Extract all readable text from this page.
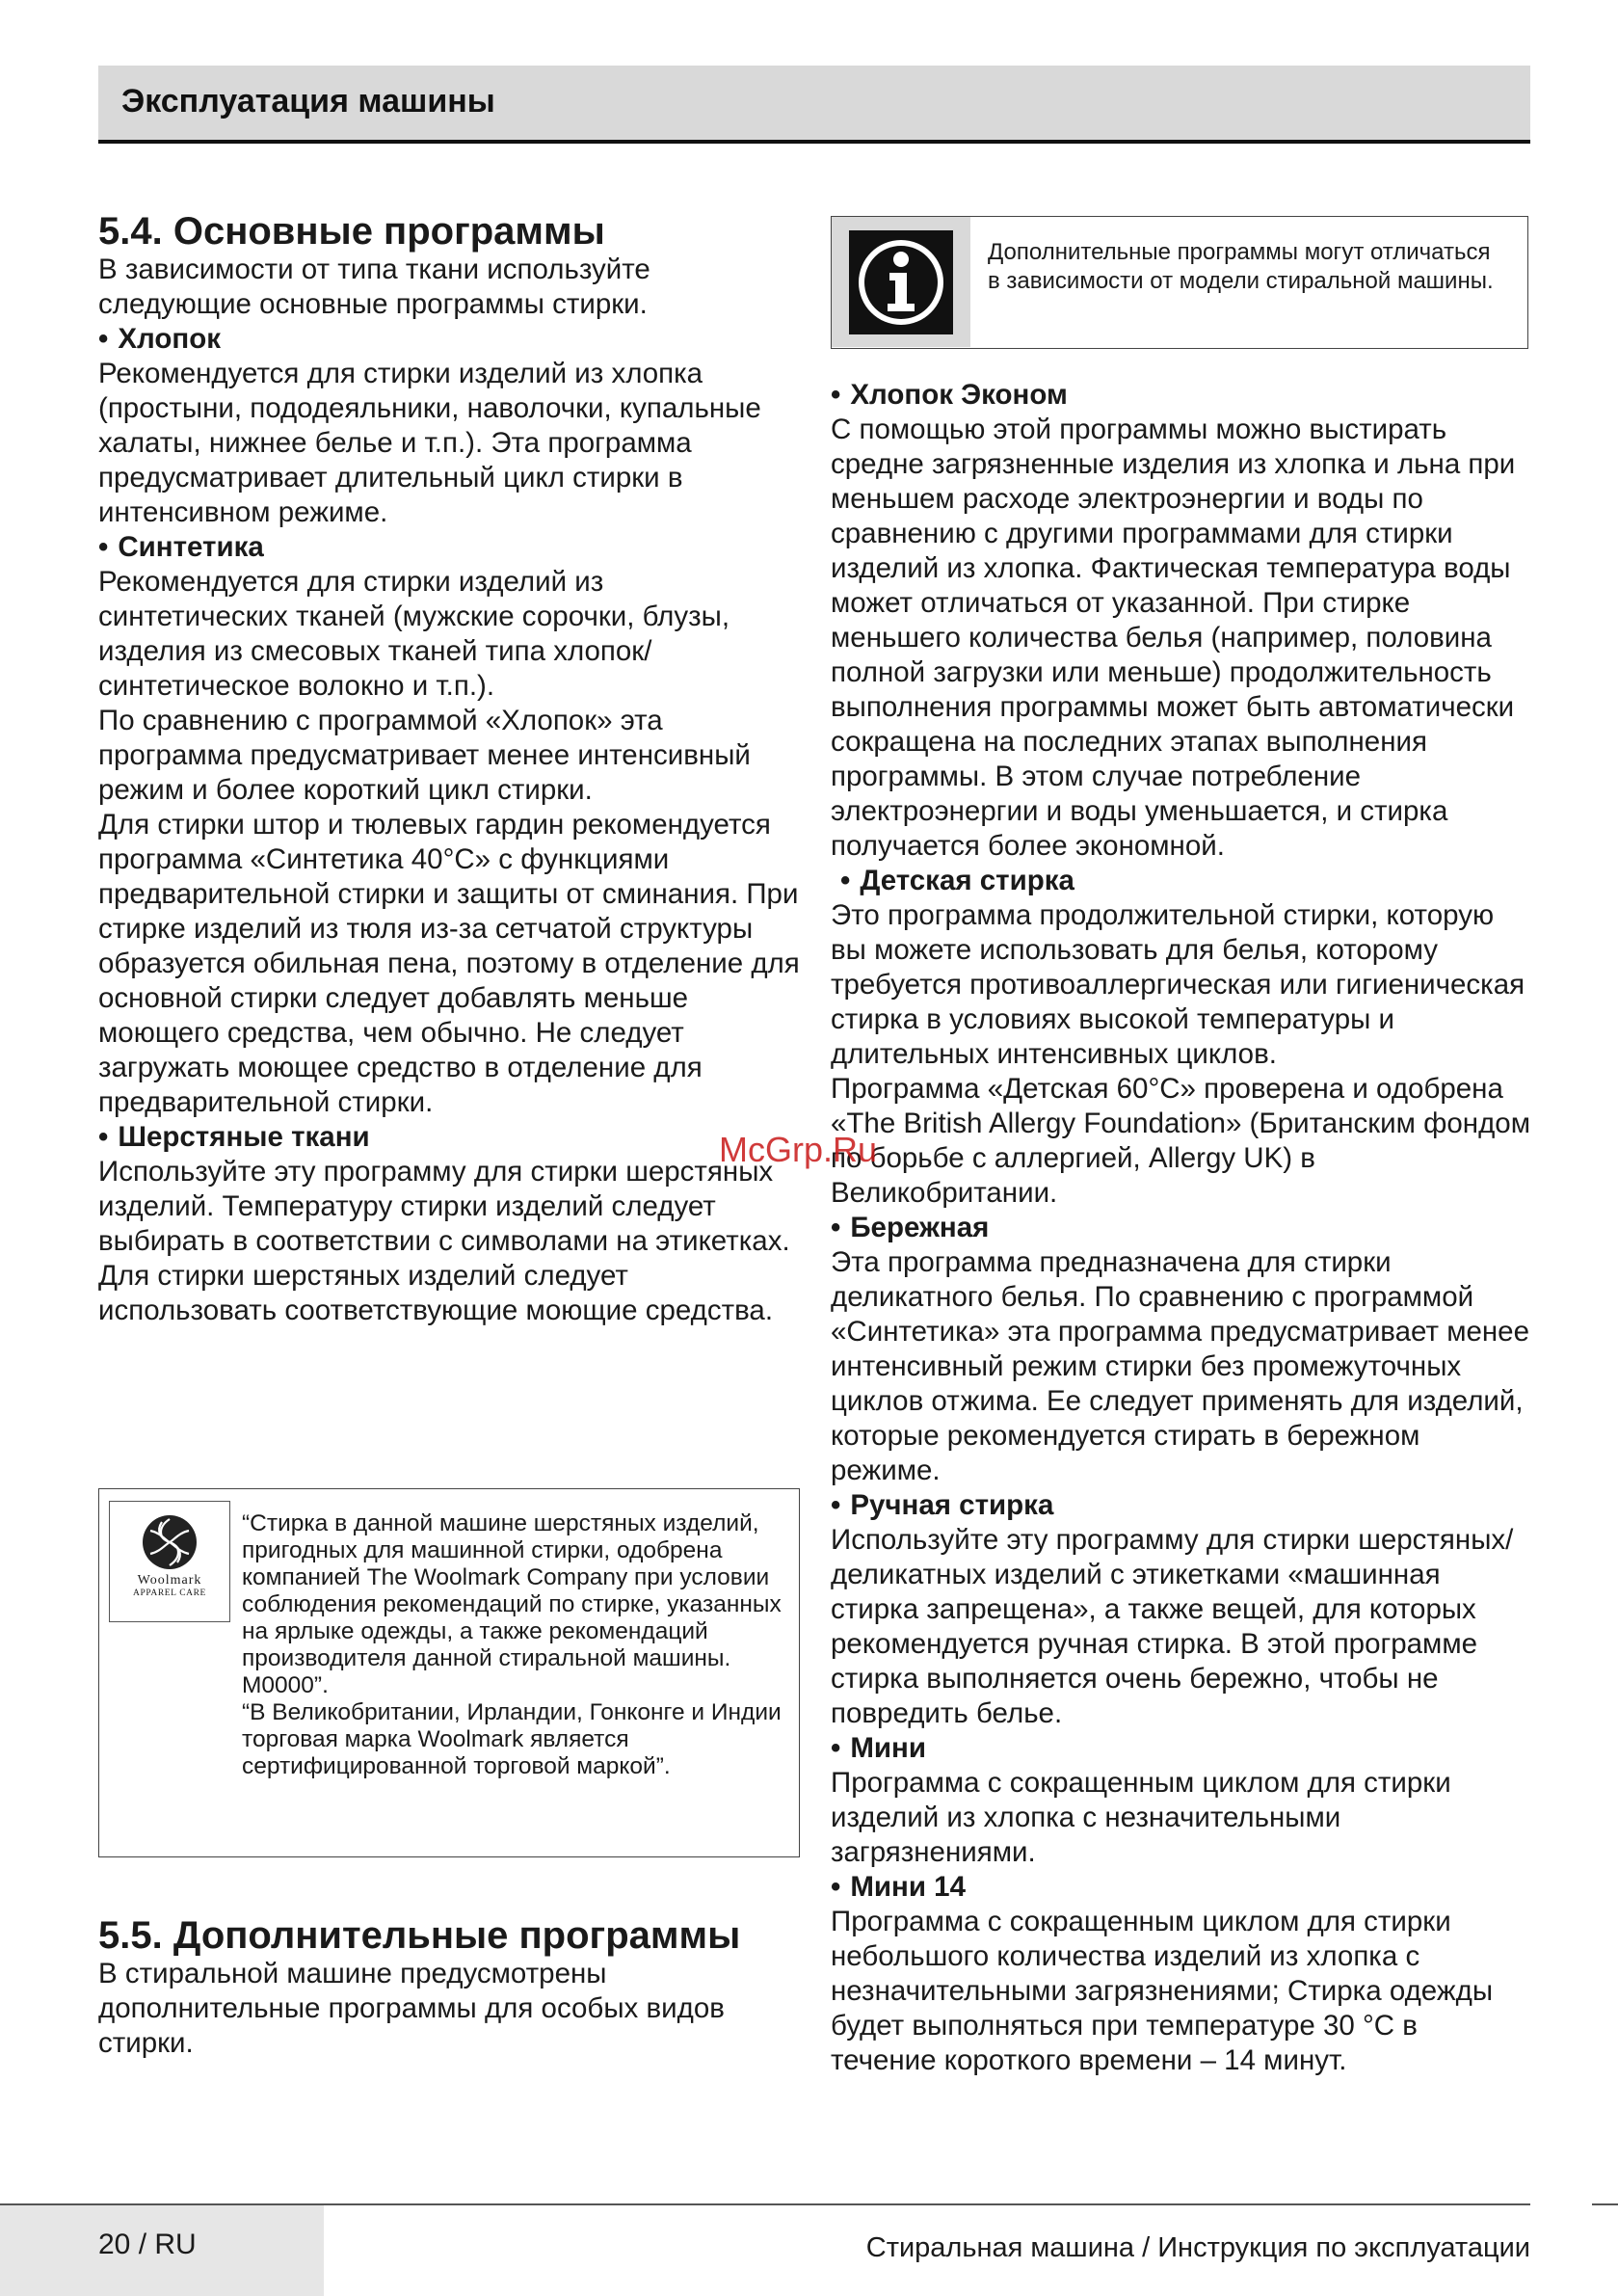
Эксплуатация машины
5.4. Основные программы

В зависимости от типа ткани используйте следующие основные программы стирки.

• Хлопок

Рекомендуется для стирки изделий из хлопка (простыни, пододеяльники, наволочки, купальные халаты, нижнее белье и т.п.). Эта программа предусматривает длительный цикл стирки в интенсивном режиме.

• Синтетика

Рекомендуется для стирки изделий из синтетических тканей (мужские сорочки, блузы, изделия из смесовых тканей типа хлопок/синтетическое волокно и т.п.).

По сравнению с программой «Хлопок» эта программа предусматривает менее интенсивный режим и более короткий цикл стирки.

Для стирки штор и тюлевых гардин рекомендуется программа «Синтетика 40°С» с функциями предварительной стирки и защиты от сминания. При стирке изделий из тюля из-за сетчатой структуры образуется обильная пена, поэтому в отделение для основной стирки следует добавлять меньше моющего средства, чем обычно. Не следует загружать моющее средство в отделение для предварительной стирки.

• Шерстяные ткани

Используйте эту программу для стирки шерстяных изделий. Температуру стирки изделий следует выбирать в соответствии с символами на этикетках. Для стирки шерстяных изделий следует использовать соответствующие моющие средства.

Woolmark
APPAREL CARE

“Стирка в данной машине шерстяных изделий, пригодных для машинной стирки, одобрена компанией The Woolmark Company при условии соблюдения рекомендаций по стирке, указанных на ярлыке одежды, а также рекомендаций производителя данной стиральной машины. M0000”.

“В Великобритании, Ирландии, Гонконге и Индии торговая марка Woolmark является сертифицированной торговой маркой”.

5.5. Дополнительные программы

В стиральной машине предусмотрены дополнительные программы для особых видов стирки.

Дополнительные программы могут отличаться в зависимости от модели стиральной машины.

• Хлопок Эконом

С помощью этой программы можно выстирать средне загрязненные изделия из хлопка и льна при меньшем расходе электроэнергии и воды по сравнению с другими программами для стирки изделий из хлопка. Фактическая температура воды может отличаться от указанной. При стирке меньшего количества белья (например, половина полной загрузки или меньше) продолжительность выполнения программы может быть автоматически сокращена на последних этапах выполнения программы. В этом случае потребление электроэнергии и воды уменьшается, и стирка получается более экономной.

• Детская стирка

Это программа продолжительной стирки, которую вы можете использовать для белья, которому требуется противоаллергическая или гигиеническая стирка в условиях высокой температуры и длительных интенсивных циклов.

Программа «Детская 60°С» проверена и одобрена «The British Allergy Foundation» (Британским фондом по борьбе с аллергией, Allergy UK) в Великобритании.

• Бережная

Эта программа предназначена для стирки деликатного белья. По сравнению с программой «Синтетика» эта программа предусматривает менее интенсивный режим стирки без промежуточных циклов отжима. Ее следует применять для изделий, которые рекомендуется стирать в бережном режиме.

• Ручная стирка

Используйте эту программу для стирки шерстяных/деликатных изделий с этикетками «машинная стирка запрещена», а также вещей, для которых рекомендуется ручная стирка. В этой программе стирка выполняется очень бережно, чтобы не повредить белье.

• Мини

Программа с сокращенным циклом для стирки изделий из хлопка с незначительными загрязнениями.

• Мини 14

Программа с сокращенным циклом для стирки небольшого количества изделий из хлопка с незначительными загрязнениями; Стирка одежды будет выполняться при температуре 30 °С в течение короткого времени – 14 минут.

McGrp.Ru
20 / RU	Стиральная машина / Инструкция по эксплуатации
